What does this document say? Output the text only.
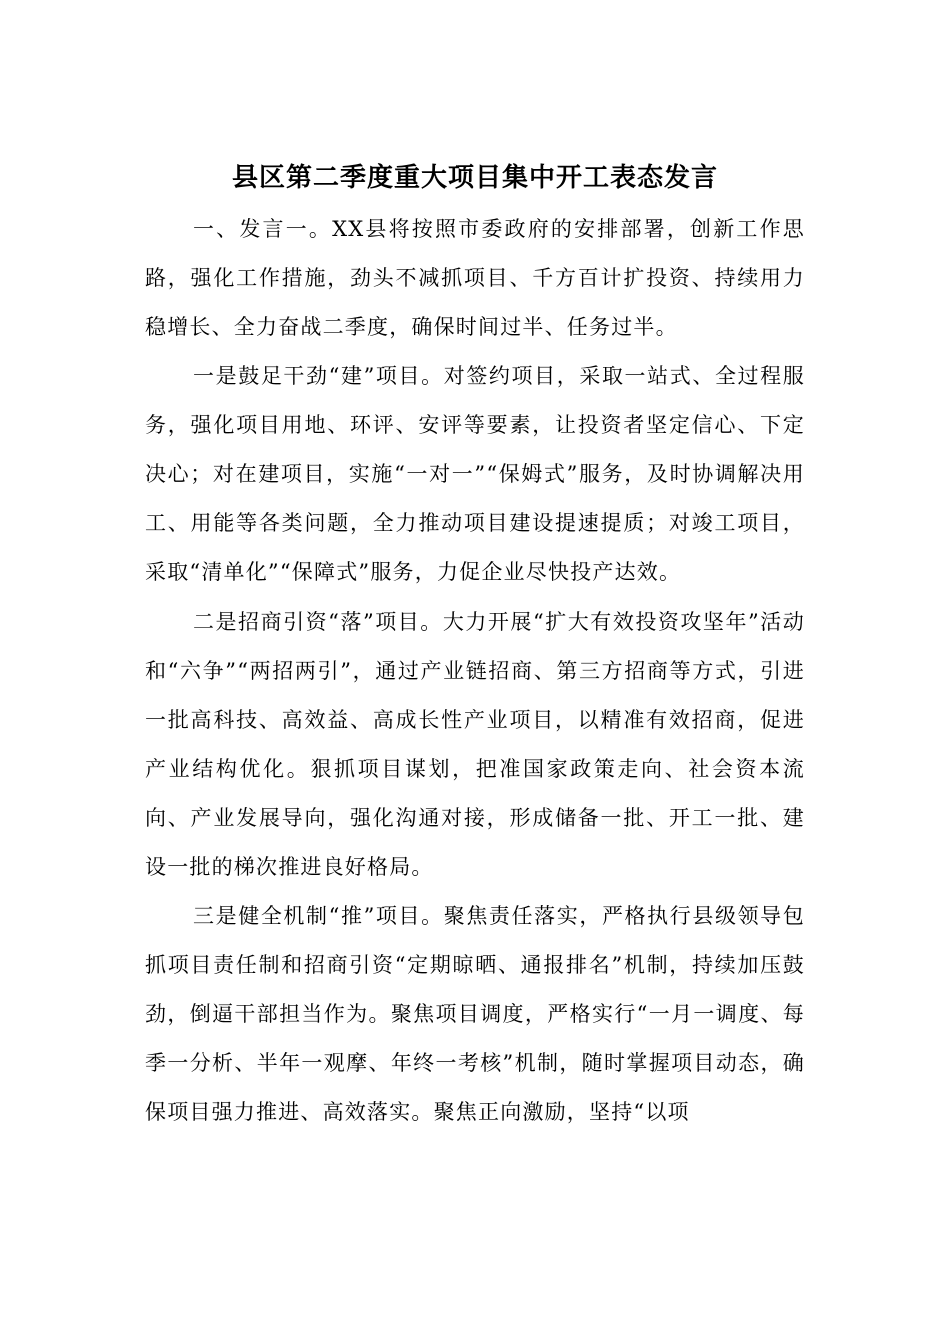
县区第二季度重大项目集中开工表态发言

一、发言一。XX县将按照市委政府的安排部署，创新工作思路，强化工作措施，劲头不减抓项目、千方百计扩投资、持续用力稳增长、全力奋战二季度，确保时间过半、任务过半。

一是鼓足干劲“建”项目。对签约项目，采取一站式、全过程服务，强化项目用地、环评、安评等要素，让投资者坚定信心、下定决心；对在建项目，实施“一对一”“保姆式”服务，及时协调解决用工、用能等各类问题，全力推动项目建设提速提质；对竣工项目，采取“清单化”“保障式”服务，力促企业尽快投产达效。

二是招商引资“落”项目。大力开展“扩大有效投资攻坚年”活动和“六争”“两招两引”，通过产业链招商、第三方招商等方式，引进一批高科技、高效益、高成长性产业项目，以精准有效招商，促进产业结构优化。狠抓项目谋划，把准国家政策走向、社会资本流向、产业发展导向，强化沟通对接，形成储备一批、开工一批、建设一批的梯次推进良好格局。

三是健全机制“推”项目。聚焦责任落实，严格执行县级领导包抓项目责任制和招商引资“定期晾晒、通报排名”机制，持续加压鼓劲，倒逼干部担当作为。聚焦项目调度，严格实行“一月一调度、每季一分析、半年一观摩、年终一考核”机制，随时掌握项目动态，确保项目强力推进、高效落实。聚焦正向激励，坚持“以项
